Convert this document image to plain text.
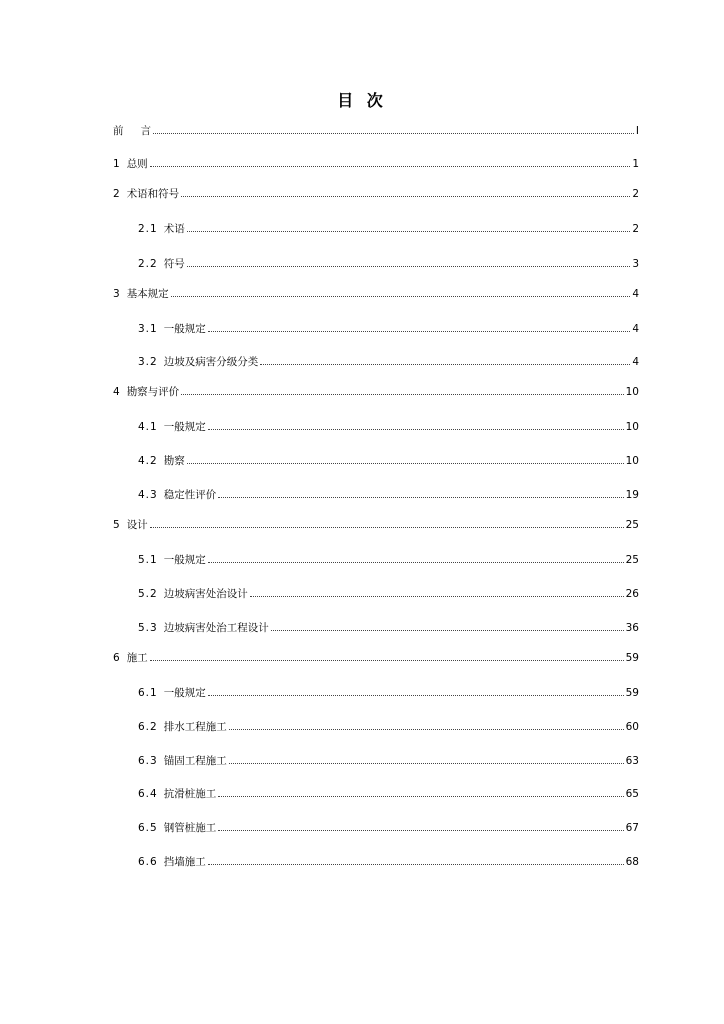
目 次
前 言	I
1 总则	1
2 术语和符号	2
2.1 术语	2
2.2 符号	3
3 基本规定	4
3.1 一般规定	4
3.2 边坡及病害分级分类	4
4 勘察与评价	10
4.1 一般规定	10
4.2 勘察	10
4.3 稳定性评价	19
5 设计	25
5.1 一般规定	25
5.2 边坡病害处治设计	26
5.3 边坡病害处治工程设计	36
6 施工	59
6.1 一般规定	59
6.2 排水工程施工	60
6.3 锚固工程施工	63
6.4 抗滑桩施工	65
6.5 钢管桩施工	67
6.6 挡墙施工	68
